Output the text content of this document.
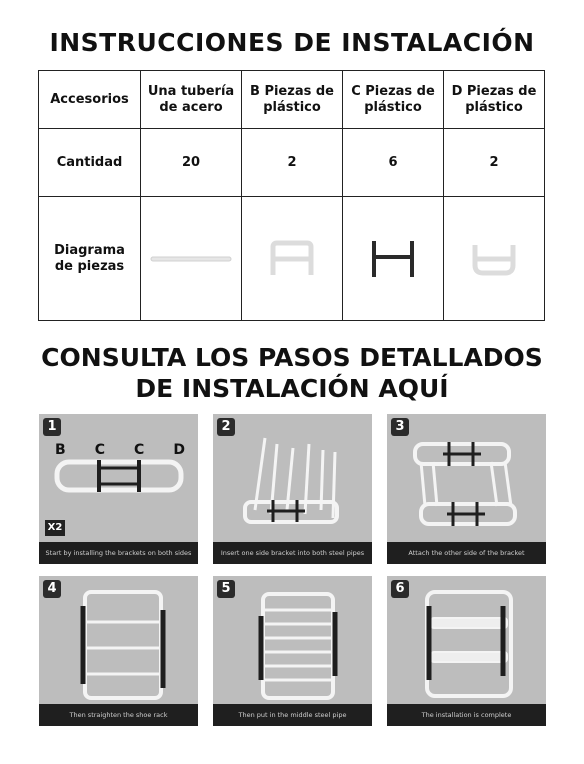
INSTRUCCIONES DE INSTALACIÓN
Accesorios	Una tubería de acero	B Piezas de plástico	C Piezas de plástico	D Piezas de plástico
Cantidad	20	2	6	2
Diagrama de piezas	

CONSULTA LOS PASOS DETALLADOS
DE INSTALACIÓN AQUÍ
1
B C C D
X2
Start by installing the brackets on both sides
2
Insert one side bracket into both steel pipes
3
Attach the other side of the bracket
4
Then straighten the shoe rack
5
Then put in the middle steel pipe
6
The installation is complete
